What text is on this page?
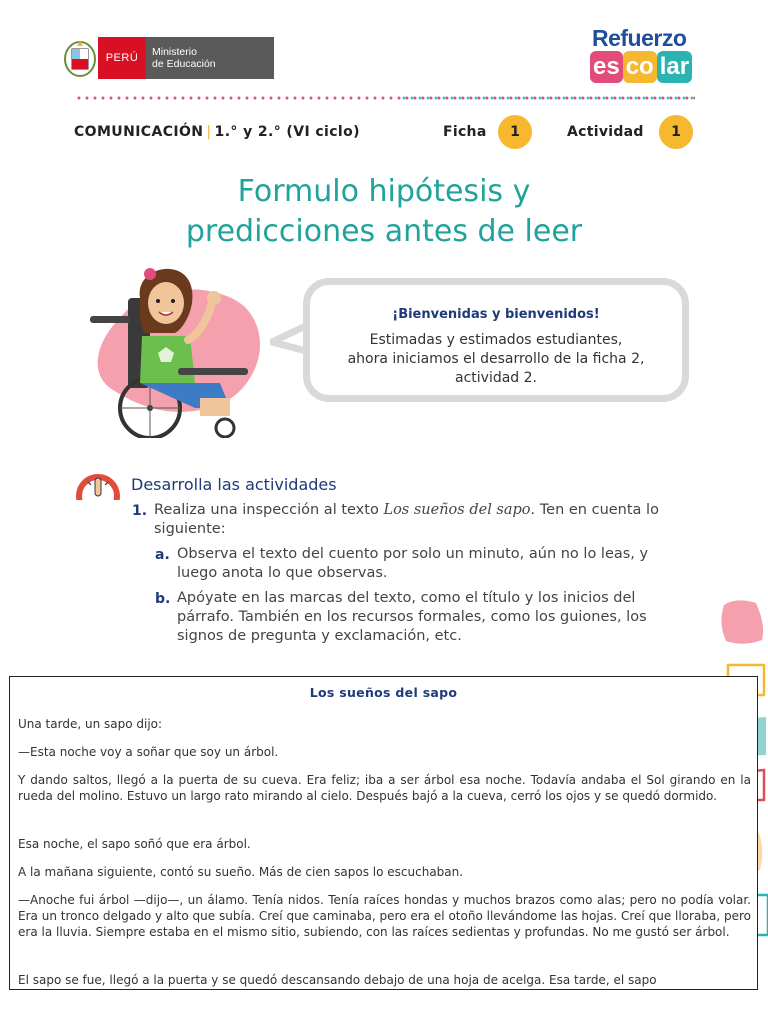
PERÚ	Ministerio
de Educación
Refuerzo
es co lar
COMUNICACIÓN | 1.° y 2.° (VI ciclo)	Ficha	1	Actividad	1
Formulo hipótesis y
predicciones antes de leer
¡Bienvenidas y bienvenidos!
Estimadas y estimados estudiantes,
ahora iniciamos el desarrollo de la ficha 2,
actividad 2.
Desarrolla las actividades
1. Realiza una inspección al texto Los sueños del sapo. Ten en cuenta lo
siguiente:
a. Observa el texto del cuento por solo un minuto, aún no lo leas, y
luego anota lo que observas.
b. Apóyate en las marcas del texto, como el título y los inicios del
párrafo. También en los recursos formales, como los guiones, los
signos de pregunta y exclamación, etc.
Los sueños del sapo

Una tarde, un sapo dijo:

—Esta noche voy a soñar que soy un árbol.

Y dando saltos, llegó a la puerta de su cueva. Era feliz; iba a ser árbol esa noche. Todavía andaba el Sol girando en la rueda del molino. Estuvo un largo rato mirando al cielo. Después bajó a la cueva, cerró los ojos y se quedó dormido.

Esa noche, el sapo soñó que era árbol.

A la mañana siguiente, contó su sueño. Más de cien sapos lo escuchaban.

—Anoche fui árbol —dijo—, un álamo. Tenía nidos. Tenía raíces hondas y muchos brazos como alas; pero no podía volar. Era un tronco delgado y alto que subía. Creí que caminaba, pero era el otoño llevándome las hojas. Creí que lloraba, pero era la lluvia. Siempre estaba en el mismo sitio, subiendo, con las raíces sedientas y profundas. No me gustó ser árbol.

El sapo se fue, llegó a la puerta y se quedó descansando debajo de una hoja de acelga. Esa tarde, el sapo
